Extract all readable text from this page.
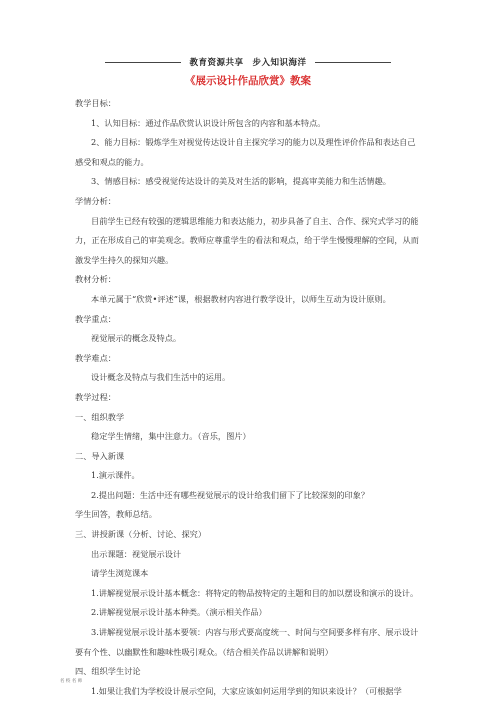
教育资源共享　步入知识海洋
《展示设计作品欣赏》教案
教学目标：
1、认知目标：通过作品欣赏认识设计所包含的内容和基本特点。
2、能力目标：锻炼学生对视觉传达设计自主探究学习的能力以及理性评价作品和表达自己感受和观点的能力。
3、情感目标：感受视觉传达设计的美及对生活的影响，提高审美能力和生活情趣。
学情分析：
目前学生已经有较强的逻辑思维能力和表达能力，初步具备了自主、合作、探究式学习的能力，正在形成自己的审美观念。教师应尊重学生的看法和观点，给于学生慢慢理解的空间，从而激发学生持久的探知兴趣。
教材分析：
本单元属于“欣赏•评述”课，根据教材内容进行教学设计，以师生互动为设计原则。
教学重点：
视觉展示的概念及特点。
教学难点：
设计概念及特点与我们生活中的运用。
教学过程：
一、组织教学
稳定学生情绪，集中注意力。（音乐，图片）
二、导入新课
1.演示课件。
2.提出问题：生活中还有哪些视觉展示的设计给我们留下了比较深刻的印象？
学生回答，教师总结。
三、讲授新课（分析、讨论、探究）
出示课题：视觉展示设计
请学生浏览课本
1.讲解视觉展示设计基本概念：将特定的物品按特定的主题和目的加以摆设和演示的设计。
2.讲解视觉展示设计基本种类。（演示相关作品）
3.讲解视觉展示设计基本要领：内容与形式要高度统一、时间与空间要多样有序、展示设计要有个性、以幽默性和趣味性吸引观众。（结合相关作品以讲解和说明）
四、组织学生讨论
1.如果让我们为学校设计展示空间，大家应该如何运用学到的知识来设计？（可根据学
名 校 名 师
